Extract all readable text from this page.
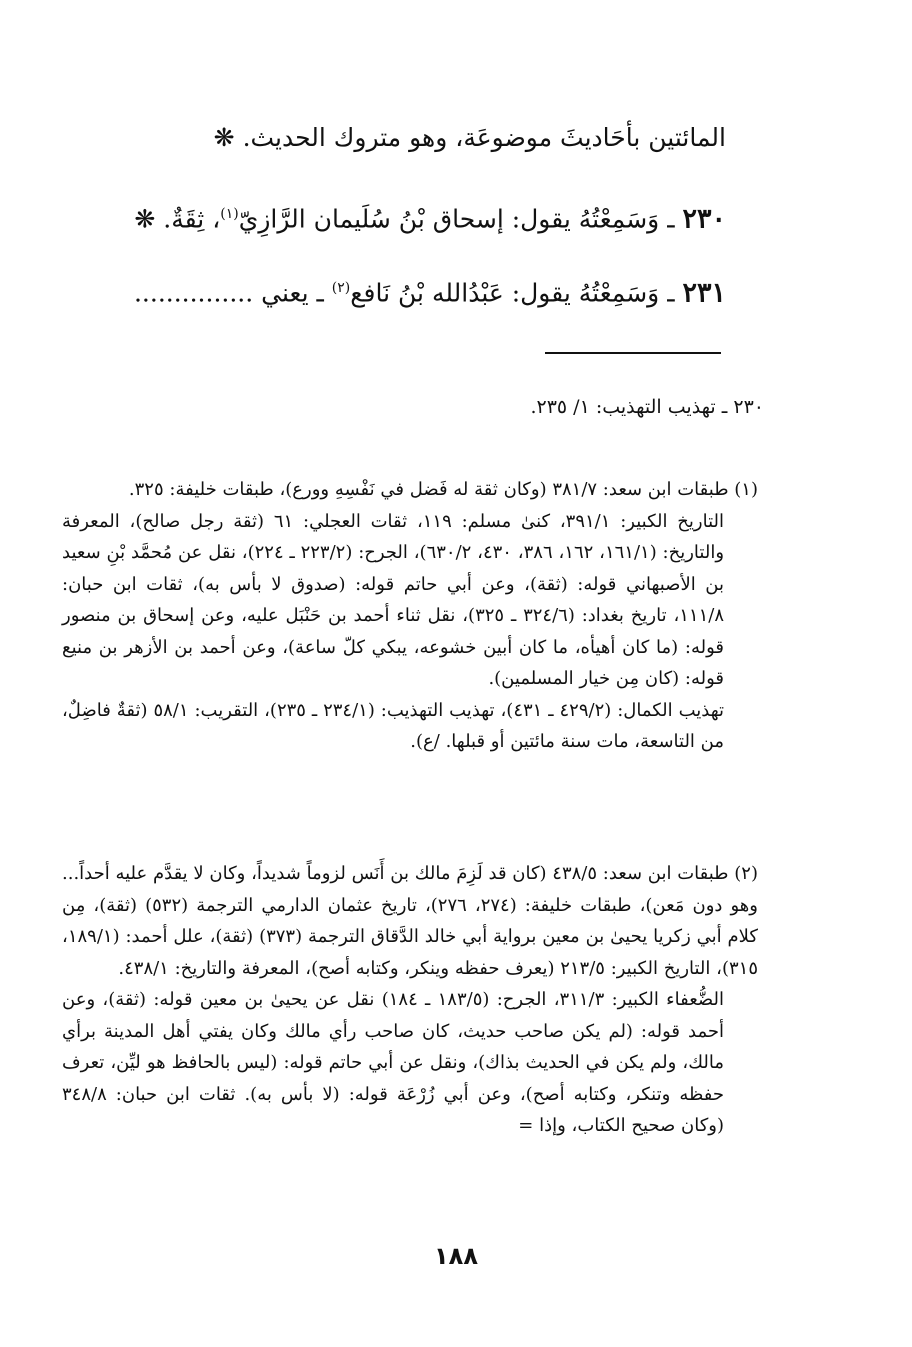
المائتين بأحَاديثَ موضوعَة، وهو متروك الحديث. ❋
٢٣٠ ـ وَسَمِعْتُهُ يقول: إسحاق بْنُ سُلَيمان الرَّازِيّ$^{(١)}$، ثِقَةٌ. ❋
٢٣١ ـ وَسَمِعْتُهُ يقول: عَبْدُالله بْنُ نَافع$^{(٢)}$ ـ يعني ...............
٢٣٠ ـ تهذيب التهذيب: ١/ ٢٣٥.

(١) طبقات ابن سعد: ٣٨١/٧ (وكان ثقة له فَضل في نَفْسِهِ وورع)، طبقات خليفة: ٣٢٥.

التاريخ الكبير: ٣٩١/١، كنىٰ مسلم: ١١٩، ثقات العجلي: ٦١ (ثقة رجل صالح)، المعرفة والتاريخ: (١٦١/١، ١٦٢، ٣٨٦، ٤٣٠، ٦٣٠/٢)، الجرح: (٢٢٣/٢ ـ ٢٢٤)، نقل عن مُحمَّد بْنِ سعيد بن الأصبهاني قوله: (ثقة)، وعن أبي حاتم قوله: (صدوق لا بأس به)، ثقات ابن حبان: ١١١/٨، تاريخ بغداد: (٣٢٤/٦ ـ ٣٢٥)، نقل ثناء أحمد بن حَنْبَل عليه، وعن إسحاق بن منصور قوله: (ما كان أهيأه، ما كان أبين خشوعه، يبكي كلّ ساعة)، وعن أحمد بن الأزهر بن منيع قوله: (كان مِن خيار المسلمين).

تهذيب الكمال: (٤٢٩/٢ ـ ٤٣١)، تهذيب التهذيب: (٢٣٤/١ ـ ٢٣٥)، التقريب: ٥٨/١ (ثقةٌ فاضِلٌ، من التاسعة، مات سنة مائتين أو قبلها. /ع).

(٢) طبقات ابن سعد: ٤٣٨/٥ (كان قد لَزِمَ مالك بن أَنَس لزوماً شديداً، وكان لا يقدَّم عليه أحداً... وهو دون مَعن)، طبقات خليفة: (٢٧٤، ٢٧٦)، تاريخ عثمان الدارمي الترجمة (٥٣٢) (ثقة)، مِن كلام أبي زكريا يحيىٰ بن معين برواية أبي خالد الدَّقاق الترجمة (٣٧٣) (ثقة)، علل أحمد: (١٨٩/١، ٣١٥)، التاريخ الكبير: ٢١٣/٥ (يعرف حفظه وينكر، وكتابه أصح)، المعرفة والتاريخ: ٤٣٨/١.

الضُّعفاء الكبير: ٣١١/٣، الجرح: (١٨٣/٥ ـ ١٨٤) نقل عن يحيىٰ بن معين قوله: (ثقة)، وعن أحمد قوله: (لم يكن صاحب حديث، كان صاحب رأي مالك وكان يفتي أهل المدينة برأي مالك، ولم يكن في الحديث بذاك)، ونقل عن أبي حاتم قوله: (ليس بالحافظ هو ليِّن، تعرف حفظه وتنكر، وكتابه أصح)، وعن أبي زُرْعَة قوله: (لا بأس به). ثقات ابن حبان: ٣٤٨/٨ (وكان صحيح الكتاب، وإذا =

١٨٨
